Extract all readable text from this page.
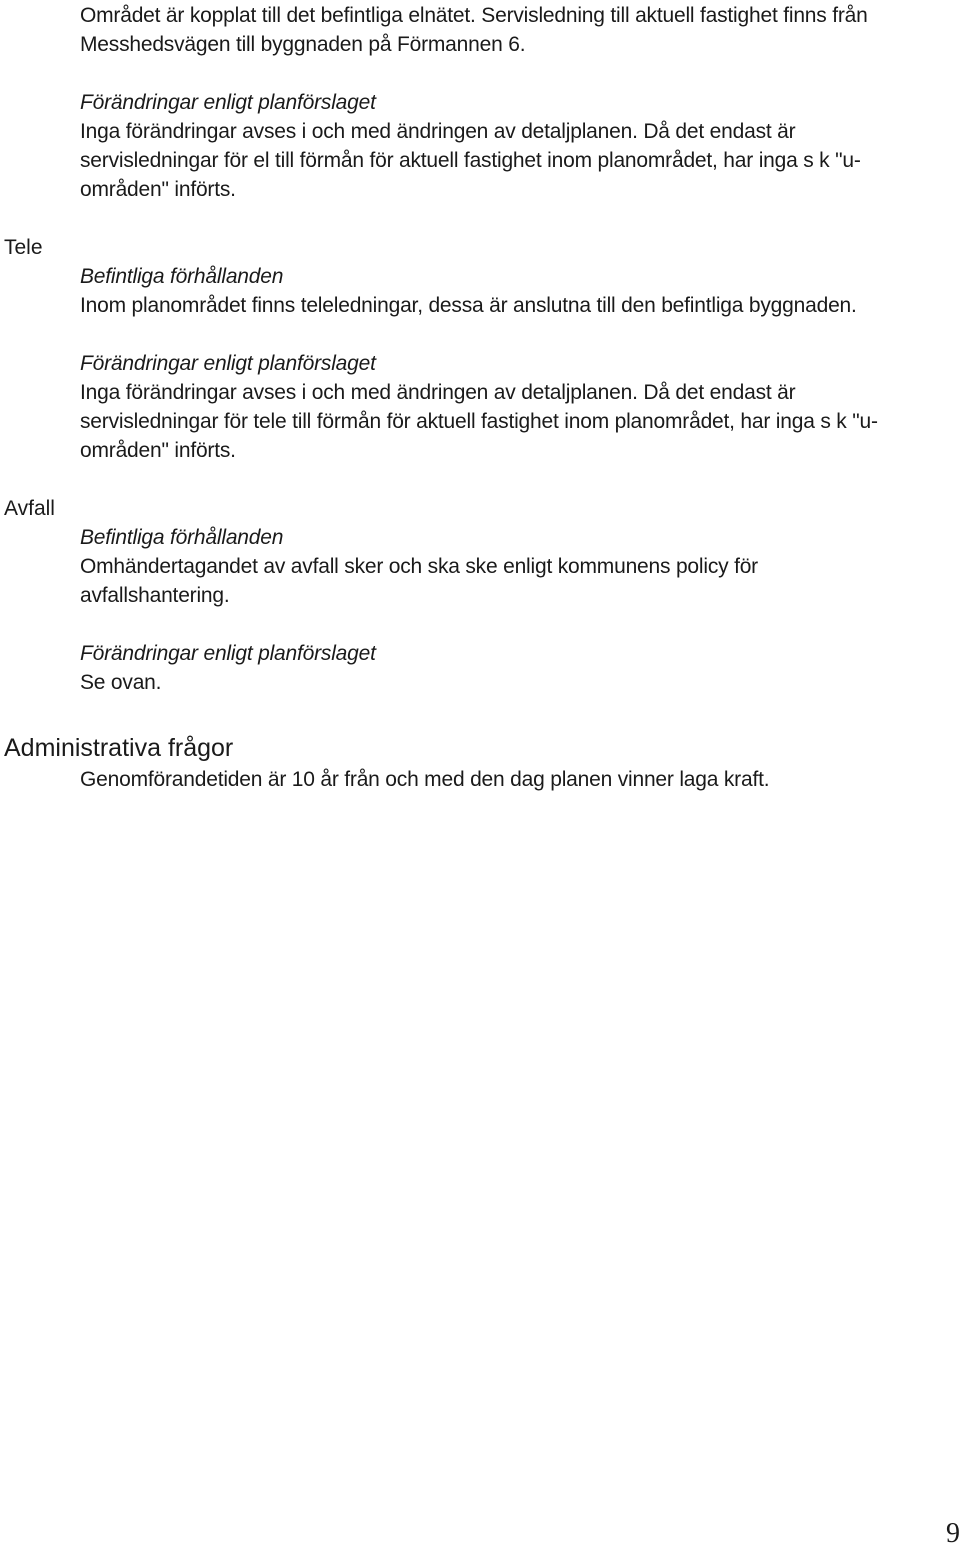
Området är kopplat till det befintliga elnätet. Servisledning till aktuell fastighet finns från Messhedsvägen till byggnaden på Förmannen 6.

Förändringar enligt planförslaget

Inga förändringar avses i och med ändringen av detaljplanen. Då det endast är servisledningar för el till förmån för aktuell fastighet inom planområdet, har inga s k "u-områden" införts.

Tele

Befintliga förhållanden

Inom planområdet finns teleledningar, dessa är anslutna till den befintliga byggnaden.

Förändringar enligt planförslaget

Inga förändringar avses i och med ändringen av detaljplanen. Då det endast är servisledningar för tele till förmån för aktuell fastighet inom planområdet, har inga s k "u-områden" införts.

Avfall

Befintliga förhållanden

Omhändertagandet av avfall sker och ska ske enligt kommunens policy för avfallshantering.

Förändringar enligt planförslaget

Se ovan.

Administrativa frågor

Genomförandetiden är 10 år från och med den dag planen vinner laga kraft.

9
